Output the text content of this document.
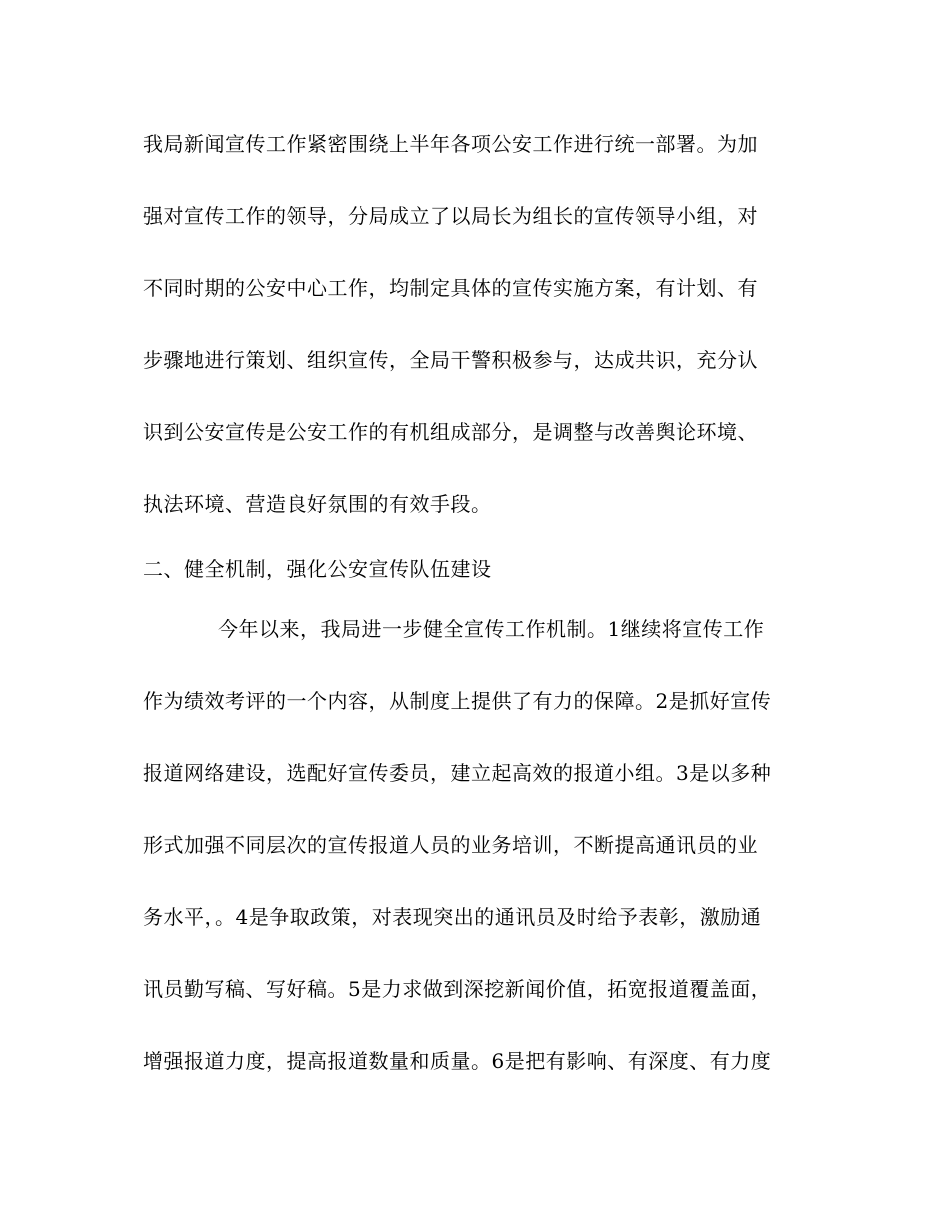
我局新闻宣传工作紧密围绕上半年各项公安工作进行统一部署。为加
强对宣传工作的领导，分局成立了以局长为组长的宣传领导小组，对
不同时期的公安中心工作，均制定具体的宣传实施方案，有计划、有
步骤地进行策划、组织宣传，全局干警积极参与，达成共识，充分认
识到公安宣传是公安工作的有机组成部分，是调整与改善舆论环境、
执法环境、营造良好氛围的有效手段。
二、健全机制，强化公安宣传队伍建设
今年以来，我局进一步健全宣传工作机制。1继续将宣传工作
作为绩效考评的一个内容，从制度上提供了有力的保障。2是抓好宣传
报道网络建设，选配好宣传委员，建立起高效的报道小组。3是以多种
形式加强不同层次的宣传报道人员的业务培训，不断提高通讯员的业
务水平，。4是争取政策，对表现突出的通讯员及时给予表彰，激励通
讯员勤写稿、写好稿。5是力求做到深挖新闻价值，拓宽报道覆盖面，
增强报道力度，提高报道数量和质量。6是把有影响、有深度、有力度
